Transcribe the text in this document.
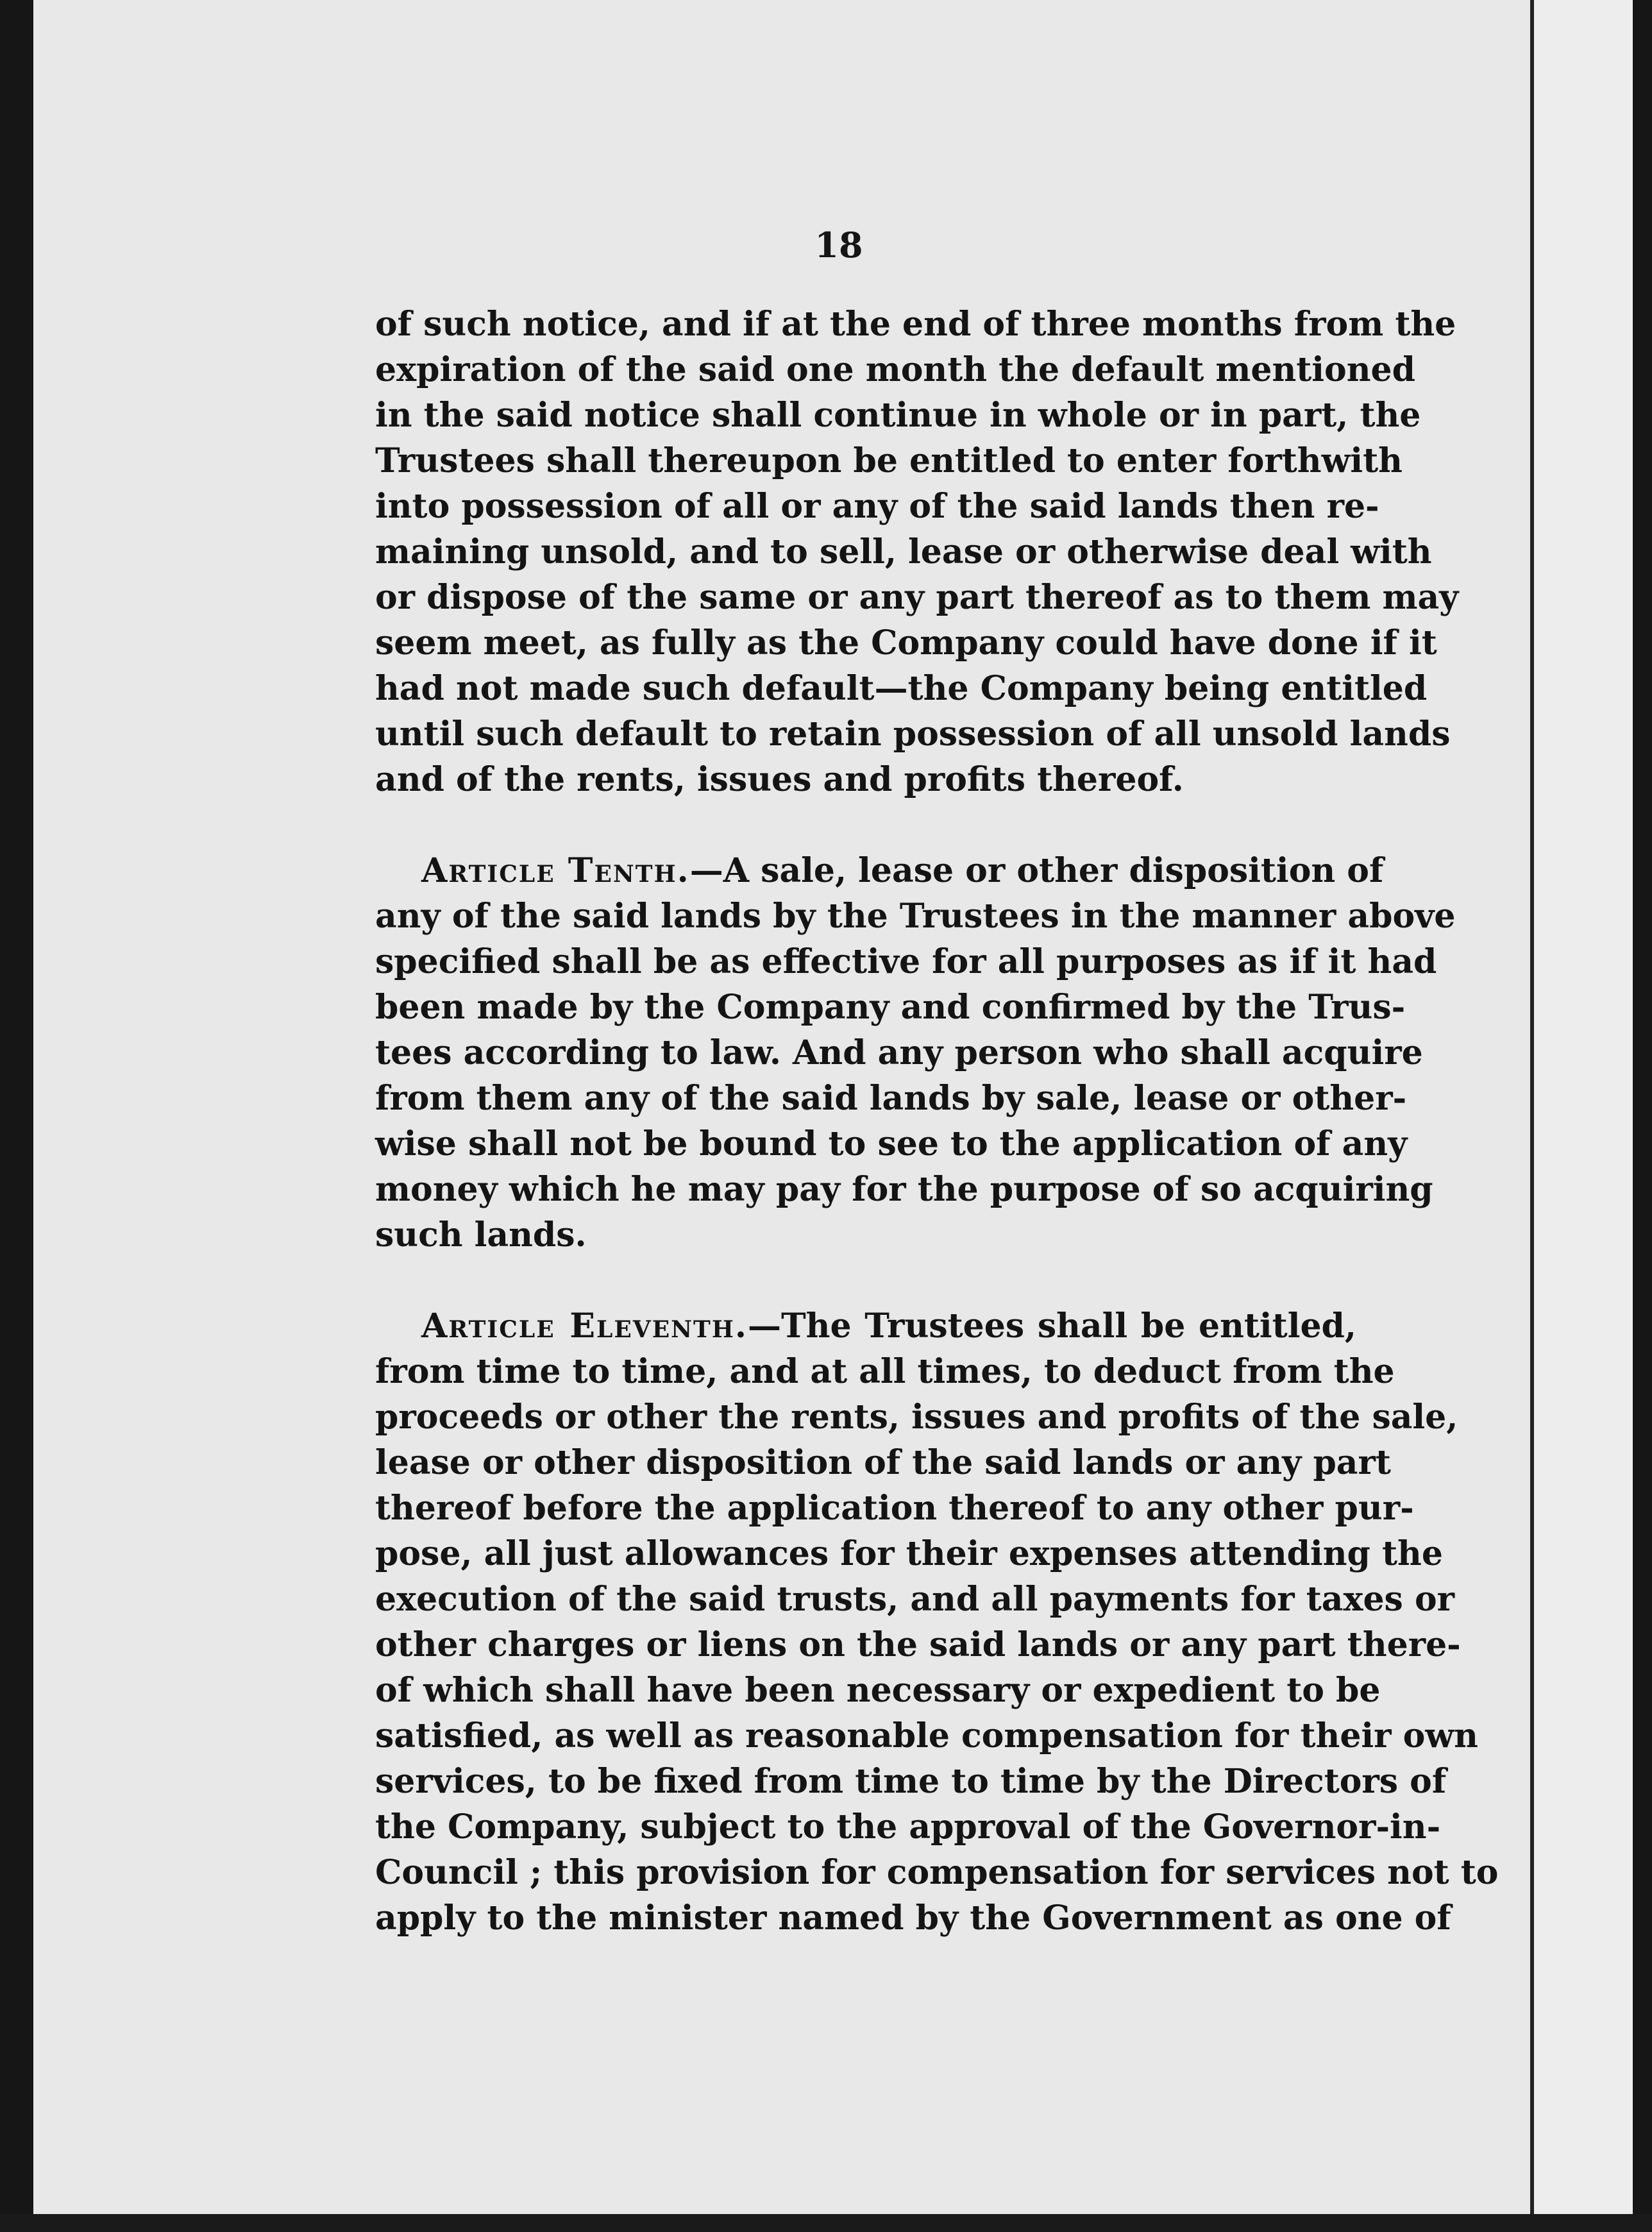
18
of such notice, and if at the end of three months from the
expiration of the said one month the default mentioned
in the said notice shall continue in whole or in part, the
Trustees shall thereupon be entitled to enter forthwith
into possession of all or any of the said lands then re-
maining unsold, and to sell, lease or otherwise deal with
or dispose of the same or any part thereof as to them may
seem meet, as fully as the Company could have done if it
had not made such default—the Company being entitled
until such default to retain possession of all unsold lands
and of the rents, issues and profits thereof.
Article Tenth.—A sale, lease or other disposition of
any of the said lands by the Trustees in the manner above
specified shall be as effective for all purposes as if it had
been made by the Company and confirmed by the Trus-
tees according to law. And any person who shall acquire
from them any of the said lands by sale, lease or other-
wise shall not be bound to see to the application of any
money which he may pay for the purpose of so acquiring
such lands.
Article Eleventh.—The Trustees shall be entitled,
from time to time, and at all times, to deduct from the
proceeds or other the rents, issues and profits of the sale,
lease or other disposition of the said lands or any part
thereof before the application thereof to any other pur-
pose, all just allowances for their expenses attending the
execution of the said trusts, and all payments for taxes or
other charges or liens on the said lands or any part there-
of which shall have been necessary or expedient to be
satisfied, as well as reasonable compensation for their own
services, to be fixed from time to time by the Directors of
the Company, subject to the approval of the Governor-in-
Council ; this provision for compensation for services not to
apply to the minister named by the Government as one of
